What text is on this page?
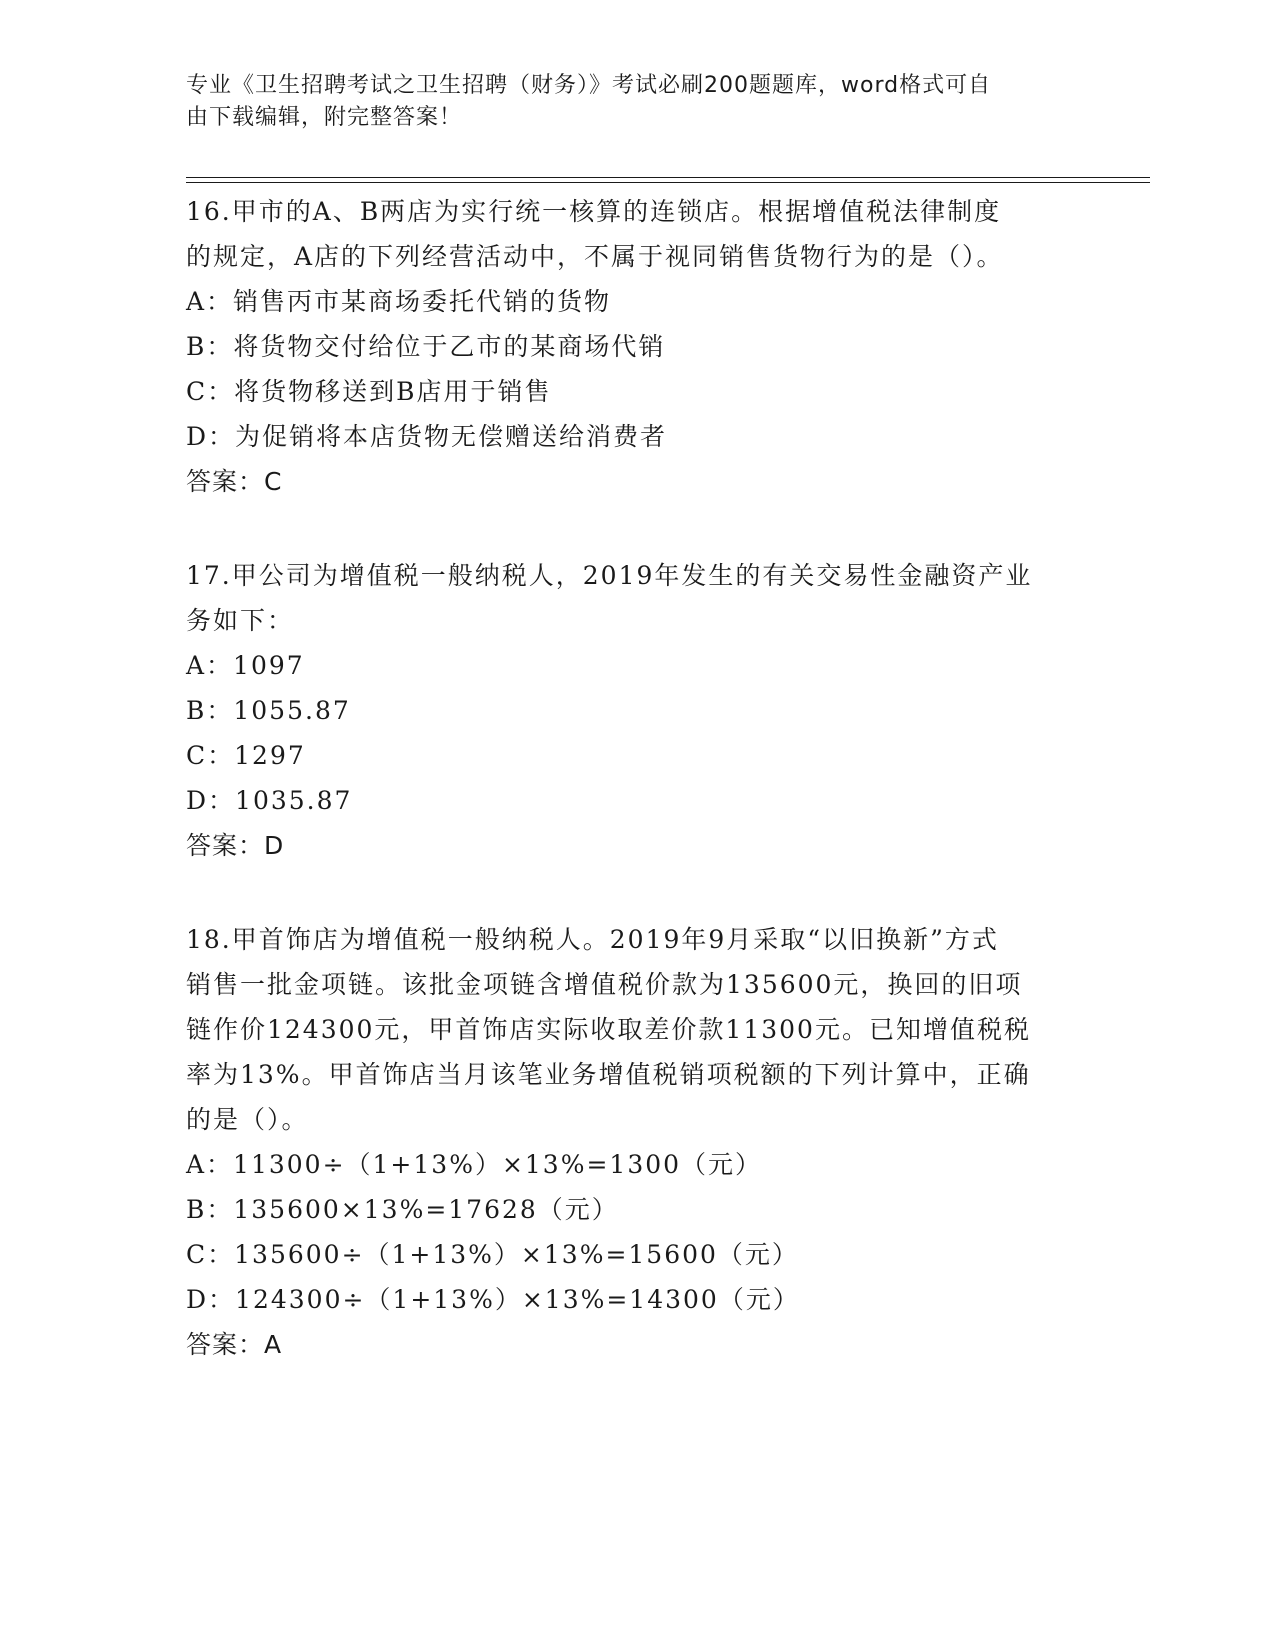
专业《卫生招聘考试之卫生招聘（财务）》考试必刷200题题库，word格式可自
由下载编辑，附完整答案！
16.甲市的A、B两店为实行统一核算的连锁店。根据增值税法律制度
的规定，A店的下列经营活动中，不属于视同销售货物行为的是（）。
A：销售丙市某商场委托代销的货物
B：将货物交付给位于乙市的某商场代销
C：将货物移送到B店用于销售
D：为促销将本店货物无偿赠送给消费者
答案：C
17.甲公司为增值税一般纳税人，2019年发生的有关交易性金融资产业
务如下：
A：1097
B：1055.87
C：1297
D：1035.87
答案：D
18.甲首饰店为增值税一般纳税人。2019年9月采取“以旧换新”方式
销售一批金项链。该批金项链含增值税价款为135600元，换回的旧项
链作价124300元，甲首饰店实际收取差价款11300元。已知增值税税
率为13%。甲首饰店当月该笔业务增值税销项税额的下列计算中，正确
的是（）。
A：11300÷（1+13%）×13%=1300（元）
B：135600×13%=17628（元）
C：135600÷（1+13%）×13%=15600（元）
D：124300÷（1+13%）×13%=14300（元）
答案：A
